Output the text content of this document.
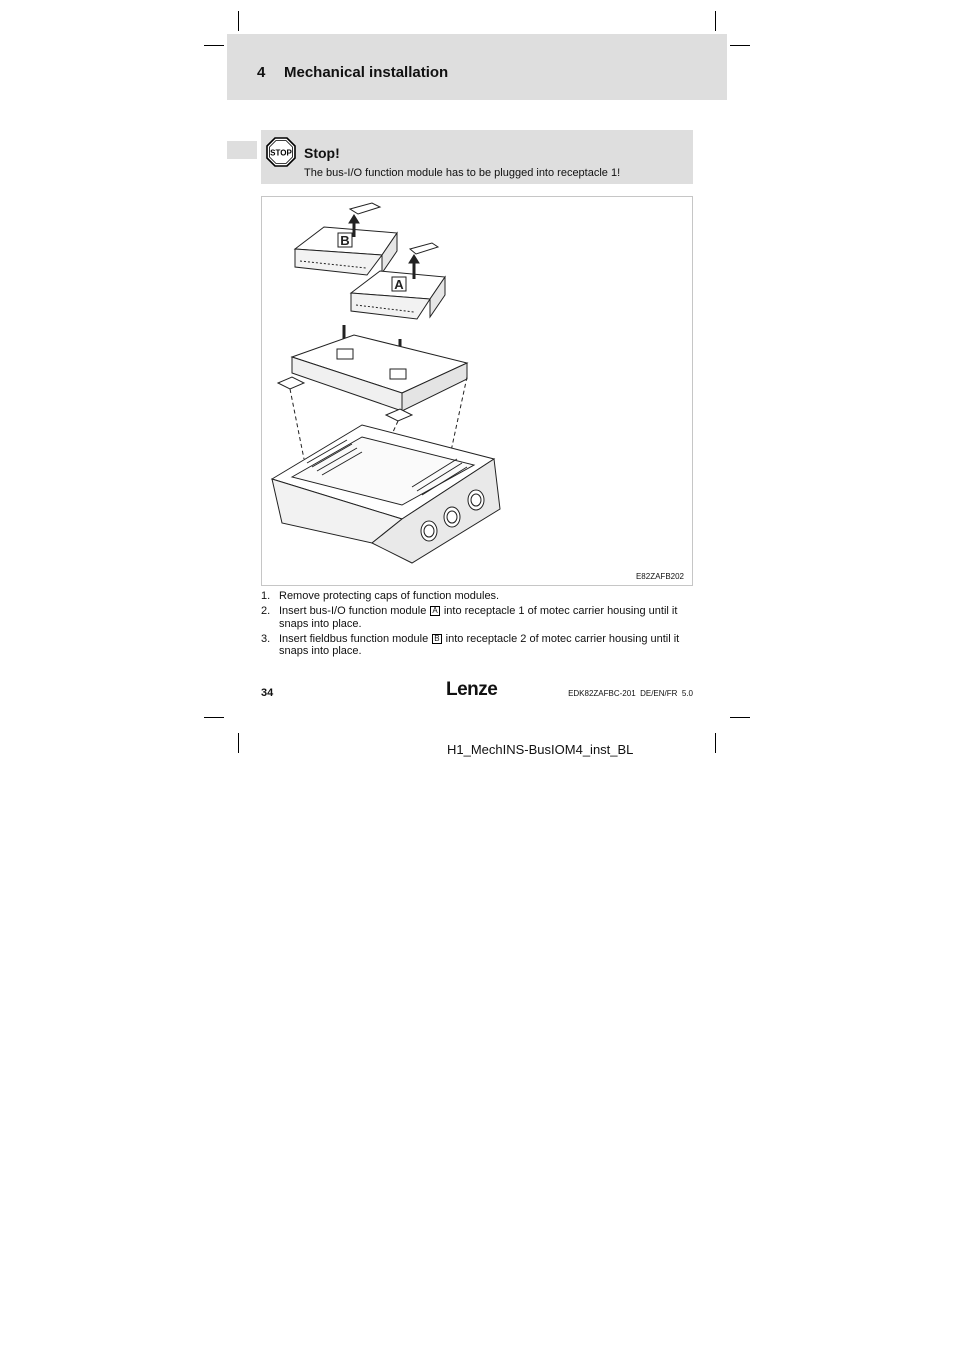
4 Mechanical installation
STOP Stop!
The bus-I/O function module has to be plugged into receptacle 1!
B
A
E82ZAFB202
1. Remove protecting caps of function modules.
2. Insert bus-I/O function module A into receptacle 1 of motec carrier housing until it snaps into place.
3. Insert fieldbus function module B into receptacle 2 of motec carrier housing until it snaps into place.
34	Lenze	EDK82ZAFBC-201  DE/EN/FR  5.0
H1_MechINS-BusIOM4_inst_BL
